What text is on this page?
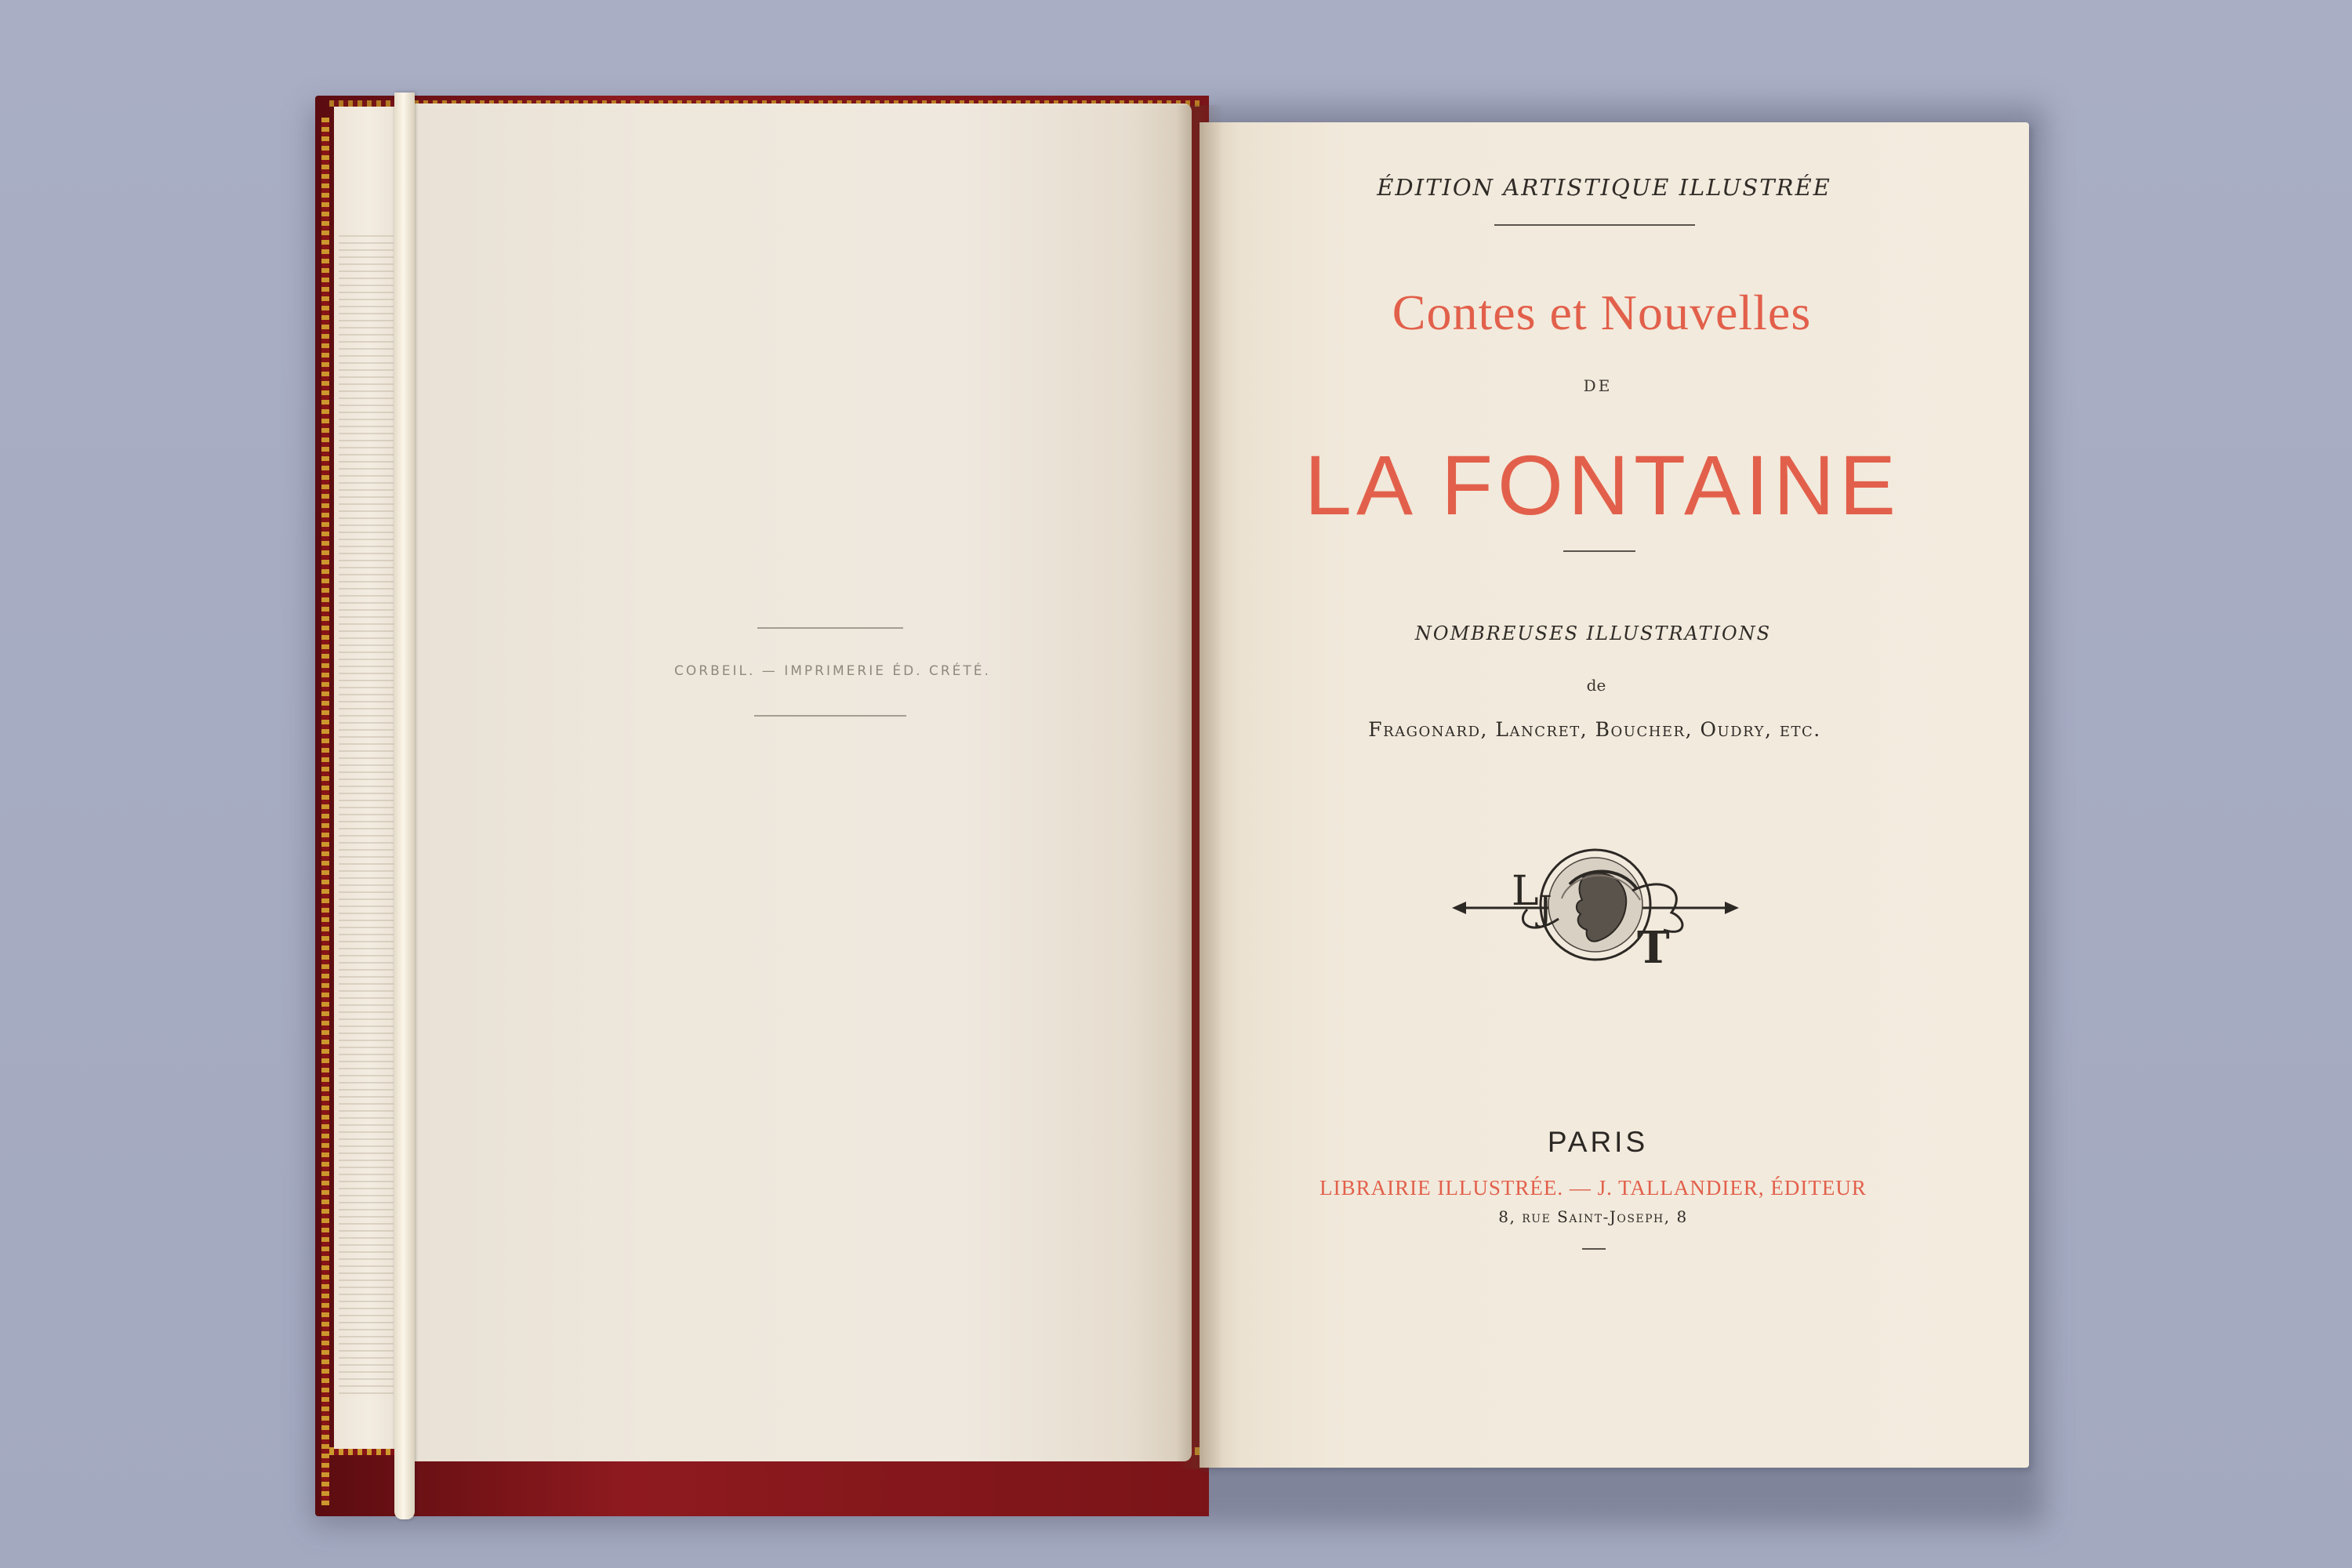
CORBEIL. — IMPRIMERIE ÉD. CRÉTÉ.
ÉDITION ARTISTIQUE ILLUSTRÉE
Contes et Nouvelles
DE
LA FONTAINE
NOMBREUSES ILLUSTRATIONS
de
Fragonard, Lancret, Boucher, Oudry, etc.
L J
T
PARIS
LIBRAIRIE ILLUSTRÉE. — J. TALLANDIER, ÉDITEUR
8, rue Saint-Joseph, 8
